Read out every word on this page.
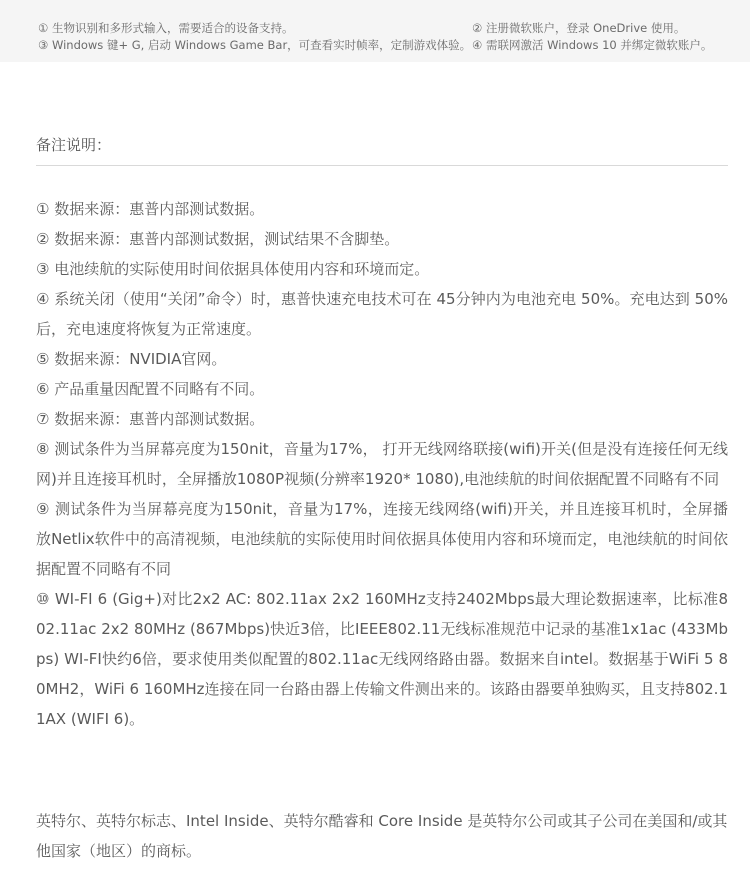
① 生物识别和多形式输入，需要适合的设备支持。	② 注册微软账户，登录 OneDrive 使用。
③ Windows 键+ G, 启动 Windows Game Bar，可查看实时帧率，定制游戏体验。 ④ 需联网激活 Windows 10 并绑定微软账户。
备注说明：
① 数据来源：惠普内部测试数据。
② 数据来源：惠普内部测试数据，测试结果不含脚垫。
③ 电池续航的实际使用时间依据具体使用内容和环境而定。
④ 系统关闭（使用“关闭”命令）时，惠普快速充电技术可在 45分钟内为电池充电 50%。充电达到 50% 后，充电速度将恢复为正常速度。
⑤ 数据来源：NVIDIA官网。
⑥ 产品重量因配置不同略有不同。
⑦ 数据来源：惠普内部测试数据。
⑧ 测试条件为当屏幕亮度为150nit，音量为17%， 打开无线网络联接(wifi)开关(但是没有连接任何无线网)并且连接耳机时，全屏播放1080P视频(分辨率1920* 1080),电池续航的时间依据配置不同略有不同
⑨ 测试条件为当屏幕亮度为150nit，音量为17%，连接无线网络(wifi)开关，并且连接耳机时，全屏播放Netlix软件中的高清视频，电池续航的实际使用时间依据具体使用内容和环境而定，电池续航的时间依据配置不同略有不同
⑩ WI-FI 6 (Gig+)对比2x2 AC: 802.11ax 2x2 160MHz支持2402Mbps最大理论数据速率，比标准802.11ac 2x2 80MHz (867Mbps)快近3倍，比IEEE802.11无线标准规范中记录的基准1x1ac (433Mbps) WI-FI快约6倍，要求使用类似配置的802.11ac无线网络路由器。数据来自intel。数据基于WiFi 5 80MH2，WiFi 6 160MHz连接在同一台路由器上传输文件测出来的。该路由器要单独购买，且支持802.11AX (WIFI 6)。
英特尔、英特尔标志、Intel Inside、英特尔酷睿和 Core Inside 是英特尔公司或其子公司在美国和/或其他国家（地区）的商标。
